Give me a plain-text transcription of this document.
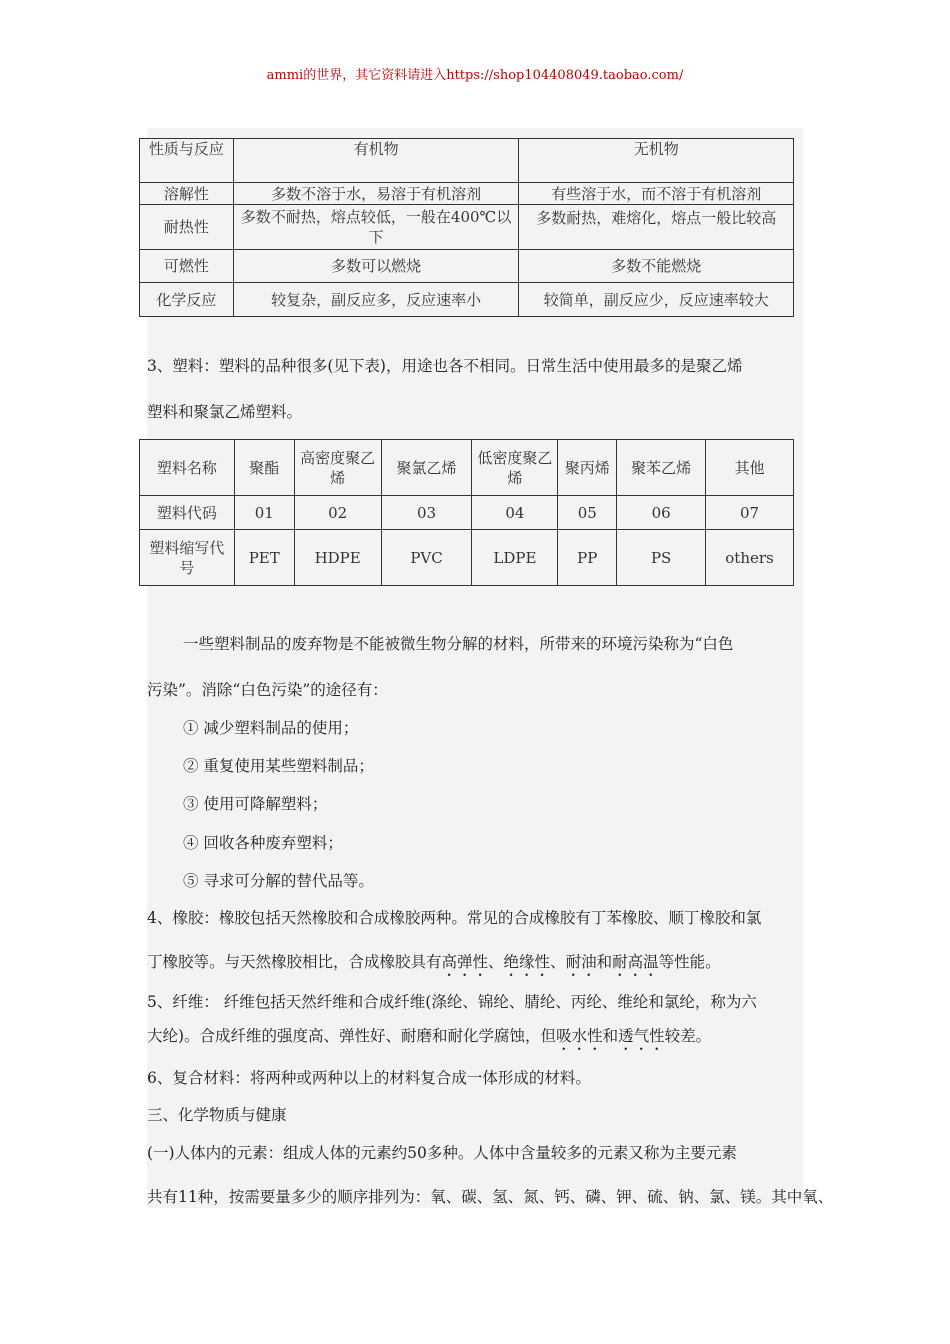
ammi的世界，其它资料请进入https://shop104408049.taobao.com/
性质与反应	有机物	无机物
溶解性	多数不溶于水，易溶于有机溶剂	有些溶于水，而不溶于有机溶剂
耐热性	多数不耐热，熔点较低，一般在400℃以下	多数耐热，难熔化，熔点一般比较高
可燃性	多数可以燃烧	多数不能燃烧
化学反应	较复杂，副反应多，反应速率小	较简单，副反应少，反应速率较大
3、塑料：塑料的品种很多(见下表)，用途也各不相同。日常生活中使用最多的是聚乙烯
塑料和聚氯乙烯塑料。
塑料名称	聚酯	高密度聚乙烯	聚氯乙烯	低密度聚乙烯	聚丙烯	聚苯乙烯	其他
塑料代码	01	02	03	04	05	06	07
塑料缩写代号	PET	HDPE	PVC	LDPE	PP	PS	others
一些塑料制品的废弃物是不能被微生物分解的材料，所带来的环境污染称为“白色
污染”。消除“白色污染”的途径有：
① 减少塑料制品的使用；
② 重复使用某些塑料制品；
③ 使用可降解塑料；
④ 回收各种废弃塑料；
⑤ 寻求可分解的替代品等。
4、橡胶：橡胶包括天然橡胶和合成橡胶两种。常见的合成橡胶有丁苯橡胶、顺丁橡胶和氯
丁橡胶等。与天然橡胶相比，合成橡胶具有高弹性、绝缘性、耐油和耐高温等性能。
5、纤维： 纤维包括天然纤维和合成纤维(涤纶、锦纶、腈纶、丙纶、维纶和氯纶，称为六
大纶)。合成纤维的强度高、弹性好、耐磨和耐化学腐蚀，但吸水性和透气性较差。
6、复合材料：将两种或两种以上的材料复合成一体形成的材料。
三、化学物质与健康
(一)人体内的元素：组成人体的元素约50多种。人体中含量较多的元素又称为主要元素
共有11种，按需要量多少的顺序排列为：氧、碳、氢、氮、钙、磷、钾、硫、钠、氯、镁。其中氧、
